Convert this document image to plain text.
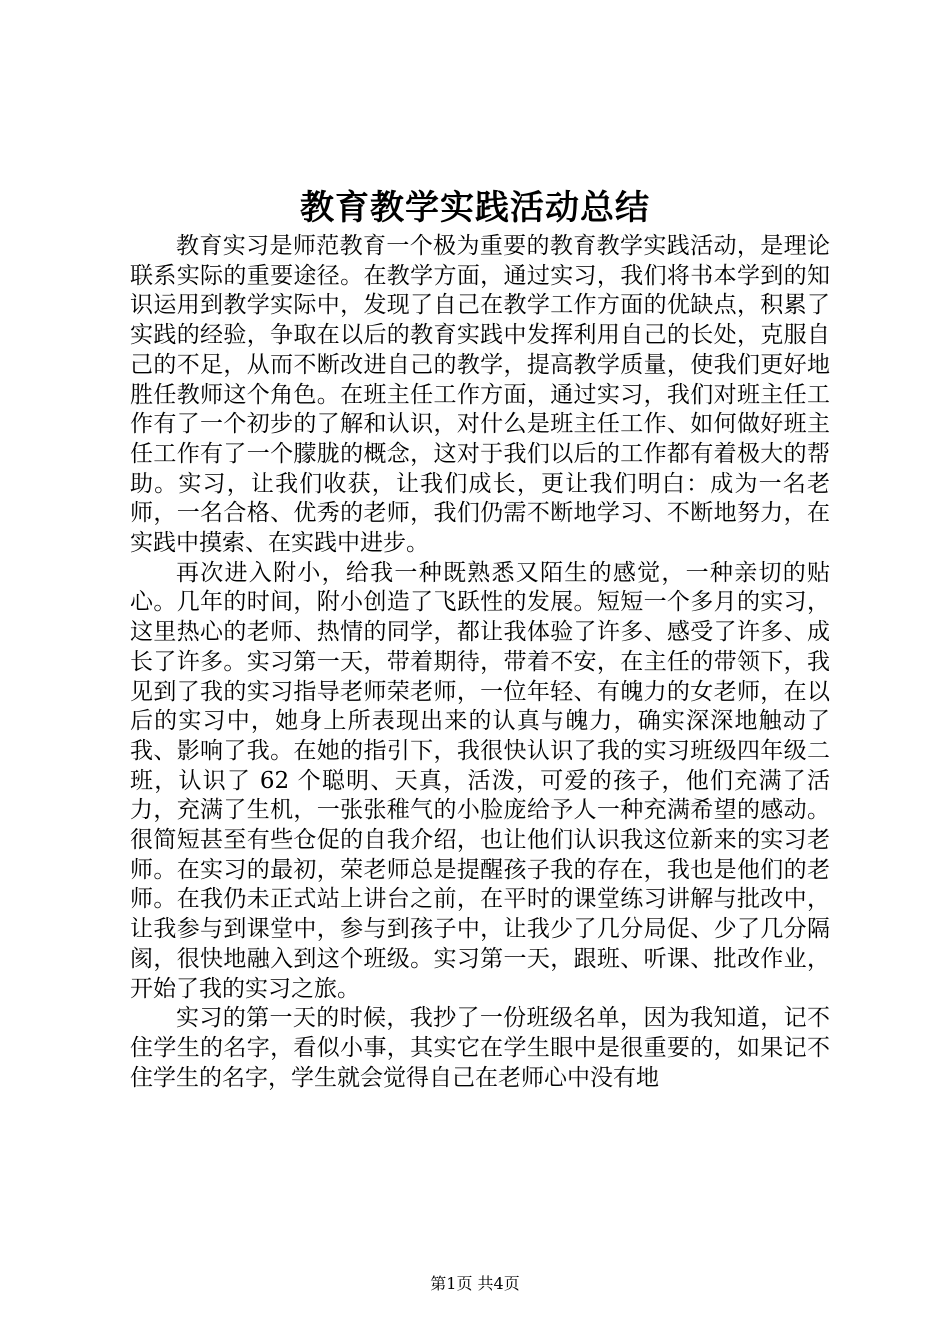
教育教学实践活动总结

教育实习是师范教育一个极为重要的教育教学实践活动，是理论联系实际的重要途径。在教学方面，通过实习，我们将书本学到的知识运用到教学实际中，发现了自己在教学工作方面的优缺点，积累了实践的经验，争取在以后的教育实践中发挥利用自己的长处，克服自己的不足，从而不断改进自己的教学，提高教学质量，使我们更好地胜任教师这个角色。在班主任工作方面，通过实习，我们对班主任工作有了一个初步的了解和认识，对什么是班主任工作、如何做好班主任工作有了一个朦胧的概念，这对于我们以后的工作都有着极大的帮助。实习，让我们收获，让我们成长，更让我们明白：成为一名老师，一名合格、优秀的老师，我们仍需不断地学习、不断地努力，在实践中摸索、在实践中进步。

再次进入附小，给我一种既熟悉又陌生的感觉，一种亲切的贴心。几年的时间，附小创造了飞跃性的发展。短短一个多月的实习，这里热心的老师、热情的同学，都让我体验了许多、感受了许多、成长了许多。实习第一天，带着期待，带着不安，在主任的带领下，我见到了我的实习指导老师荣老师，一位年轻、有魄力的女老师，在以后的实习中，她身上所表现出来的认真与魄力，确实深深地触动了我、影响了我。在她的指引下，我很快认识了我的实习班级四年级二班，认识了 62 个聪明、天真，活泼，可爱的孩子，他们充满了活力，充满了生机，一张张稚气的小脸庞给予人一种充满希望的感动。很简短甚至有些仓促的自我介绍，也让他们认识我这位新来的实习老师。在实习的最初，荣老师总是提醒孩子我的存在，我也是他们的老师。在我仍未正式站上讲台之前，在平时的课堂练习讲解与批改中，让我参与到课堂中，参与到孩子中，让我少了几分局促、少了几分隔阂，很快地融入到这个班级。实习第一天，跟班、听课、批改作业，开始了我的实习之旅。

实习的第一天的时候，我抄了一份班级名单，因为我知道，记不住学生的名字，看似小事，其实它在学生眼中是很重要的，如果记不住学生的名字，学生就会觉得自己在老师心中没有地

第1页 共4页
